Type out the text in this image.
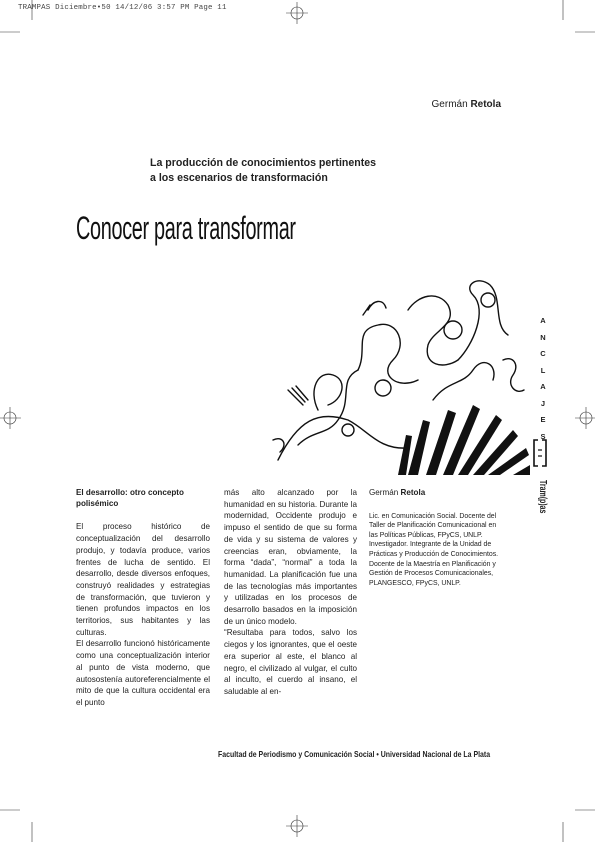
TRAMPAS Diciembre•50 14/12/06 3:57 PM Page 11
Germán Retola
La producción de conocimientos pertinentes
a los escenarios de transformación
Conocer para transformar
A
N
C
L
A
J
E
S
Tram(p)as
El desarrollo: otro concepto
polisémico

El proceso histórico de conceptualización del desarrollo produjo, y todavía produce, varios frentes de lucha de sentido. El desarrollo, desde diversos enfoques, construyó realidades y estrategias de transformación, que tuvieron y tienen profundos impactos en los territorios, sus habitantes y las culturas.

El desarrollo funcionó históricamente como una conceptualización interior al punto de vista moderno, que autosostenía autoreferencialmente el mito de que la cultura occidental era el punto

más alto alcanzado por la humanidad en su historia. Durante la modernidad, Occidente produjo e impuso el sentido de que su forma de vida y su sistema de valores y creencias eran, obviamente, la forma “dada”, “normal” a toda la humanidad. La planificación fue una de las tecnologías más importantes y utilizadas en los procesos de desarrollo basados en la imposición de un único modelo.

“Resultaba para todos, salvo los ciegos y los ignorantes, que el oeste era superior al este, el blanco al negro, el civilizado al vulgar, el culto al inculto, el cuerdo al insano, el saludable al en-

Germán Retola
Lic. en Comunicación Social. Docente del Taller de Planificación Comunicacional en las Políticas Públicas, FPyCS, UNLP. Investigador. Integrante de la Unidad de Prácticas y Producción de Conocimientos. Docente de la Maestría en Planificación y Gestión de Procesos Comunicacionales, PLANGESCO, FPyCS, UNLP.
Facultad de Periodismo y Comunicación Social • Universidad Nacional de La Plata
